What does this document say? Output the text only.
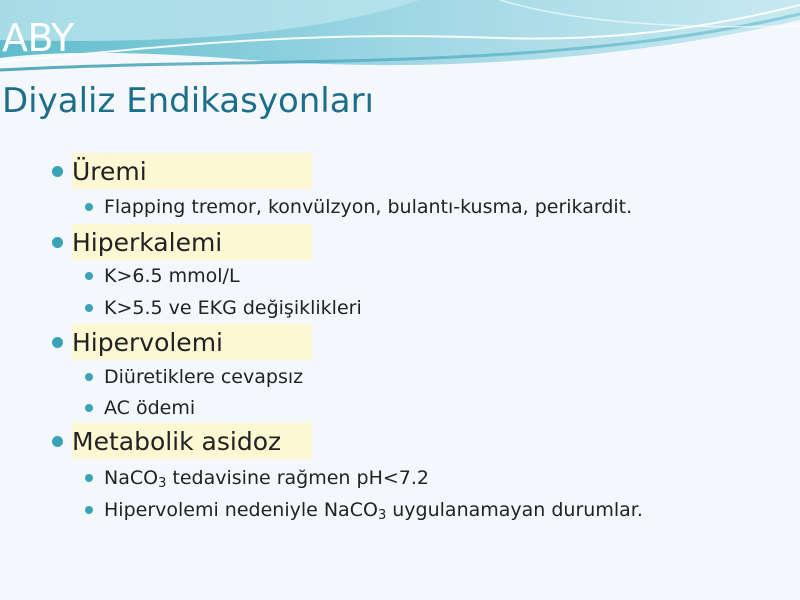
ABY
Diyaliz Endikasyonları
Üremi
Flapping tremor, konvülzyon, bulantı-kusma, perikardit.
Hiperkalemi
K>6.5 mmol/L
K>5.5 ve EKG değişiklikleri
Hipervolemi
Diüretiklere cevapsız
AC ödemi
Metabolik asidoz
NaCO$_3$ tedavisine rağmen pH<7.2
Hipervolemi nedeniyle NaCO$_3$ uygulanamayan durumlar.
